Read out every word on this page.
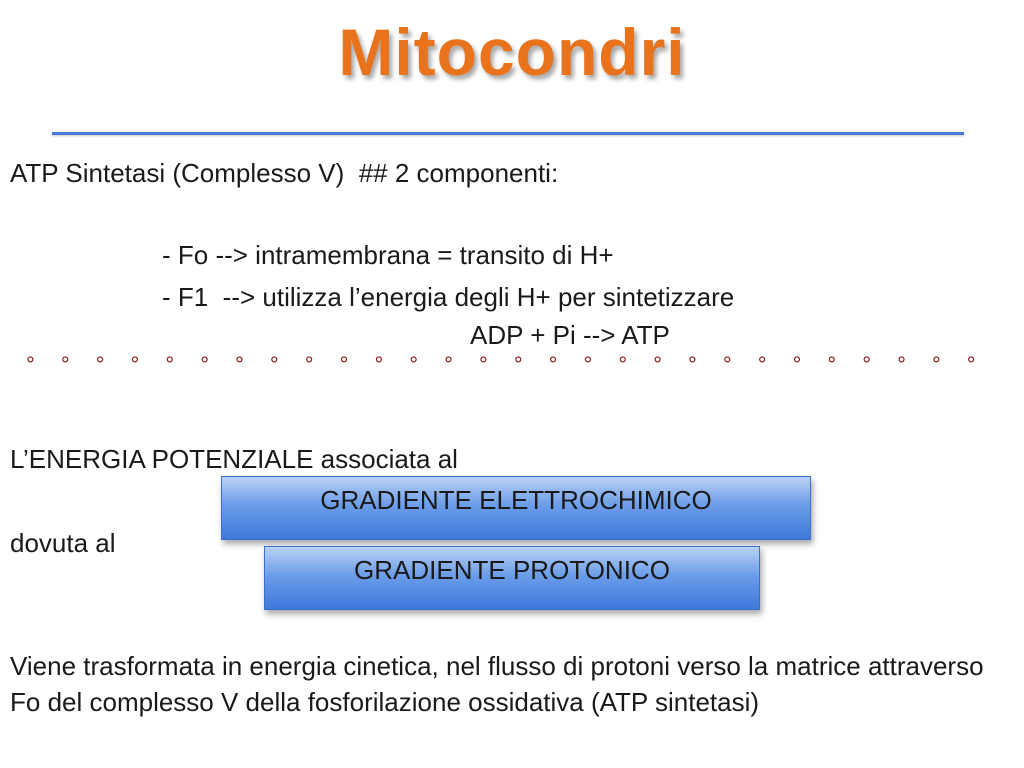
Mitocondri
ATP Sintetasi (Complesso V)  ## 2 componenti:
- Fo --> intramembrana = transito di H+
- F1  --> utilizza l’energia degli H+ per sintetizzare
ADP + Pi --> ATP
° ° ° ° ° ° ° ° ° ° ° ° ° ° ° ° ° ° ° ° ° ° ° ° ° ° ° °
L’ENERGIA POTENZIALE associata al
GRADIENTE ELETTROCHIMICO
dovuta al
GRADIENTE PROTONICO
Viene trasformata in energia cinetica, nel flusso di protoni verso la matrice attraverso Fo del complesso V della fosforilazione ossidativa (ATP sintetasi)
